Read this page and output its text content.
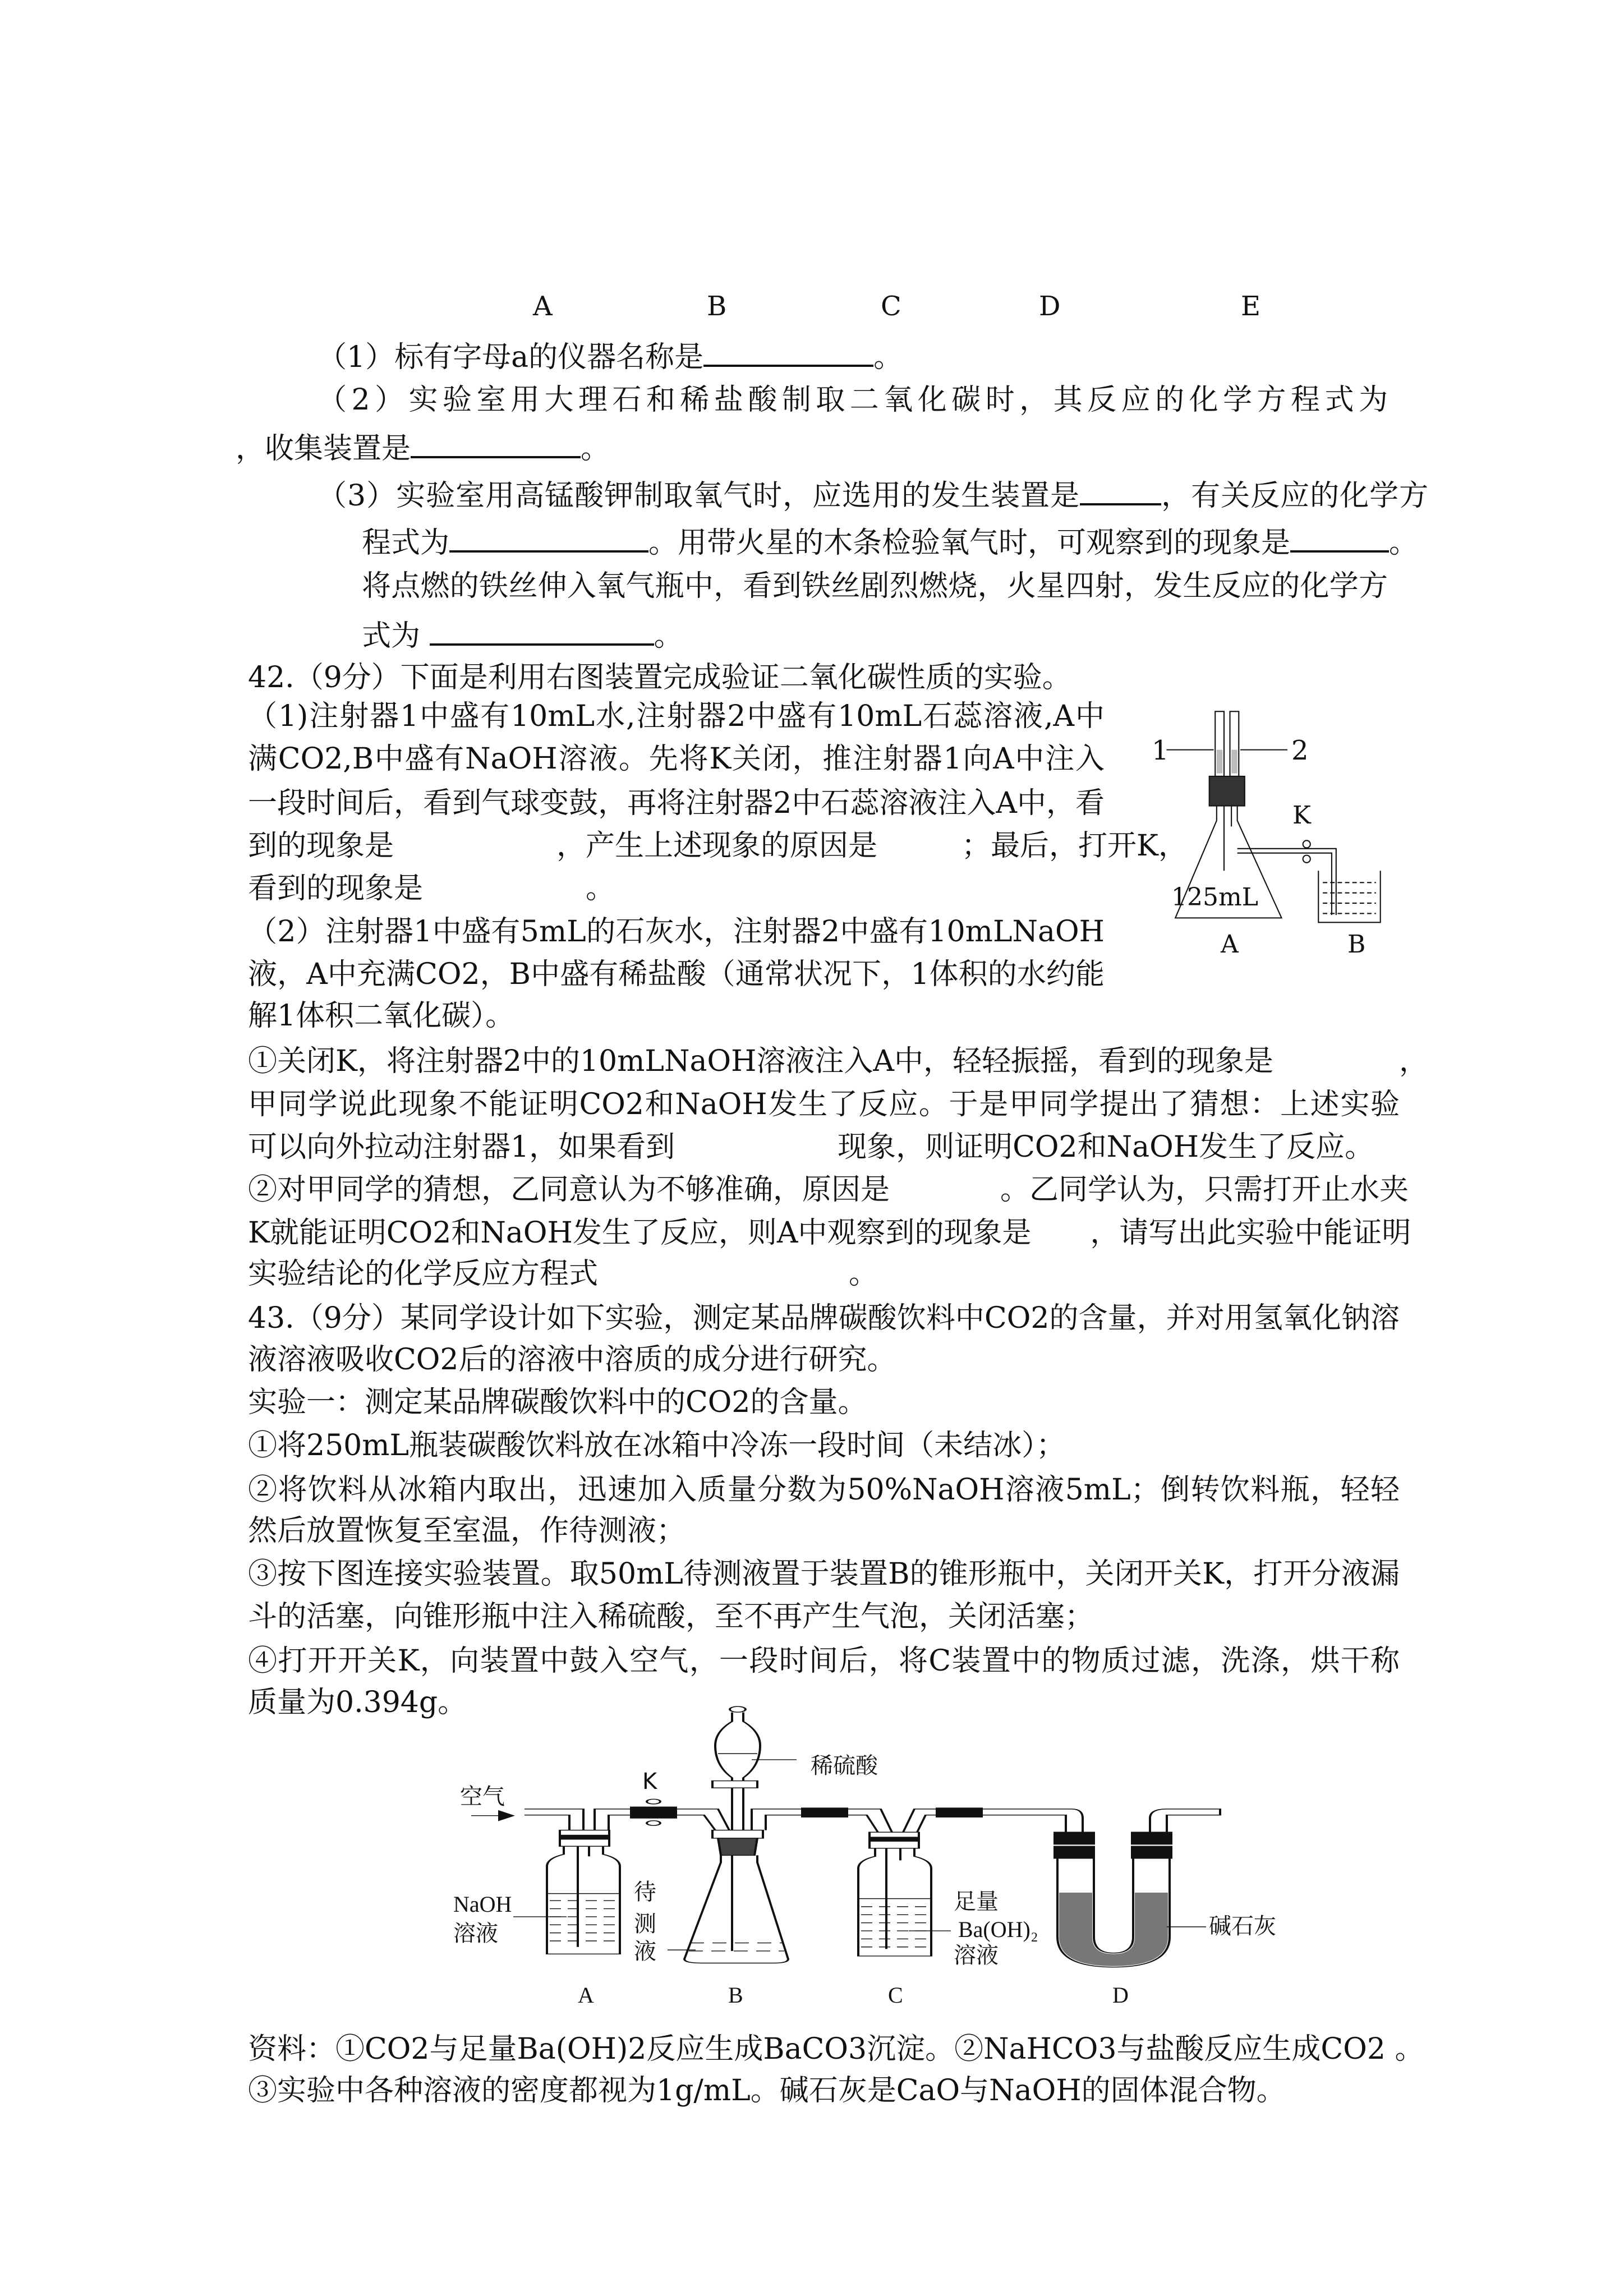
A	B	C	D	E
（1）标有字母a的仪器名称是	。
（2）实验室用大理石和稀盐酸制取二氧化碳时，其反应的化学方程式为
，收集装置是	。
（3）实验室用高锰酸钾制取氧气时，应选用的发生装置是	，有关反应的化学方
程式为	。用带火星的木条检验氧气时，可观察到的现象是	。
将点燃的铁丝伸入氧气瓶中，看到铁丝剧烈燃烧，火星四射，发生反应的化学方
式为	。
42.（9分）下面是利用右图装置完成验证二氧化碳性质的实验。
（1)注射器1中盛有10mL水,注射器2中盛有10mL石蕊溶液,A中
满CO2,B中盛有NaOH溶液。先将K关闭，推注射器1向A中注入
一段时间后，看到气球变鼓，再将注射器2中石蕊溶液注入A中，看
到的现象是	，产生上述现象的原因是	；最后，打开K，
看到的现象是	。
（2）注射器1中盛有5mL的石灰水，注射器2中盛有10mLNaOH
液，A中充满CO2，B中盛有稀盐酸（通常状况下，1体积的水约能
解1体积二氧化碳）。
①关闭K，将注射器2中的10mLNaOH溶液注入A中，轻轻振摇，看到的现象是	，
甲同学说此现象不能证明CO2和NaOH发生了反应。于是甲同学提出了猜想：上述实验
可以向外拉动注射器1，如果看到	现象，则证明CO2和NaOH发生了反应。
②对甲同学的猜想，乙同意认为不够准确，原因是	。乙同学认为，只需打开止水夹
K就能证明CO2和NaOH发生了反应，则A中观察到的现象是 ，请写出此实验中能证明
实验结论的化学反应方程式	。
1	2
K
125mL
A	B
43.（9分）某同学设计如下实验，测定某品牌碳酸饮料中CO2的含量，并对用氢氧化钠溶
液溶液吸收CO2后的溶液中溶质的成分进行研究。
实验一：测定某品牌碳酸饮料中的CO2的含量。
①将250mL瓶装碳酸饮料放在冰箱中冷冻一段时间（未结冰）；
②将饮料从冰箱内取出，迅速加入质量分数为50%NaOH溶液5mL；倒转饮料瓶，轻轻
然后放置恢复至室温，作待测液；
③按下图连接实验装置。取50mL待测液置于装置B的锥形瓶中，关闭开关K，打开分液漏
斗的活塞，向锥形瓶中注入稀硫酸，至不再产生气泡，关闭活塞；
④打开开关K，向装置中鼓入空气，一段时间后，将C装置中的物质过滤，洗涤，烘干称
质量为0.394g。
空气
K
稀硫酸
NaOH
溶液
待
测
液
足量
Ba(OH)₂
溶液
碱石灰
A	B	C	D
资料：①CO2与足量Ba(OH)2反应生成BaCO3沉淀。②NaHCO3与盐酸反应生成CO2 。
③实验中各种溶液的密度都视为1g/mL。碱石灰是CaO与NaOH的固体混合物。
